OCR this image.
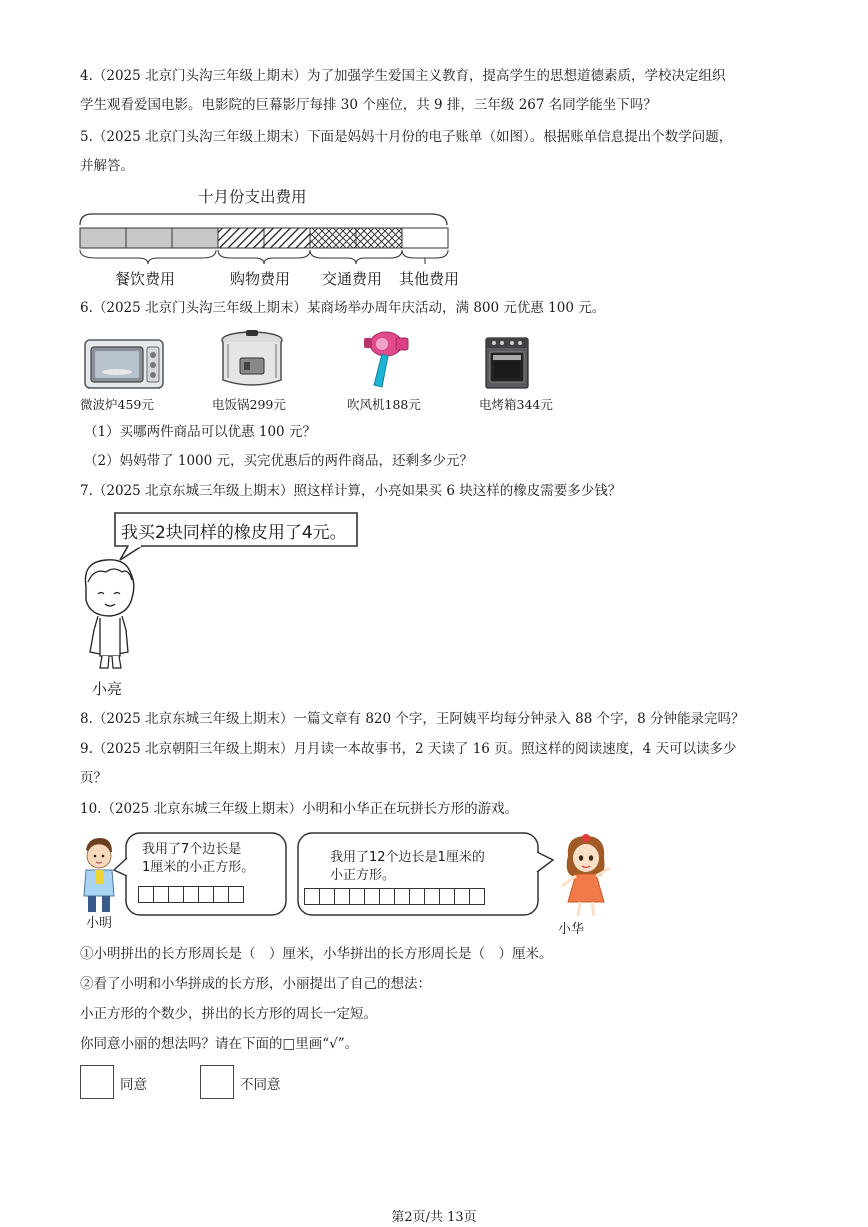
4.（2025 北京门头沟三年级上期末）为了加强学生爱国主义教育，提高学生的思想道德素质，学校决定组织
学生观看爱国电影。电影院的巨幕影厅每排 30 个座位，共 9 排，三年级 267 名同学能坐下吗？
5.（2025 北京门头沟三年级上期末）下面是妈妈十月份的电子账单（如图）。根据账单信息提出个数学问题，
并解答。
十月份支出费用
餐饮费用	购物费用 交通费用 其他费用
6.（2025 北京门头沟三年级上期末）某商场举办周年庆活动，满 800 元优惠 100 元。
微波炉459元	电饭锅299元	吹风机188元	电烤箱344元
（1）买哪两件商品可以优惠 100 元？
（2）妈妈带了 1000 元，买完优惠后的两件商品，还剩多少元？
7.（2025 北京东城三年级上期末）照这样计算，小亮如果买 6 块这样的橡皮需要多少钱？
我买2块同样的橡皮用了4元。
小亮
8.（2025 北京东城三年级上期末）一篇文章有 820 个字，王阿姨平均每分钟录入 88 个字，8 分钟能录完吗？
9.（2025 北京朝阳三年级上期末）月月读一本故事书，2 天读了 16 页。照这样的阅读速度，4 天可以读多少
页？
10.（2025 北京东城三年级上期末）小明和小华正在玩拼长方形的游戏。
小明
我用了7个边长是
1厘米的小正方形。
我用了12个边长是1厘米的
小正方形。
小华
①小明拼出的长方形周长是（　）厘米，小华拼出的长方形周长是（　）厘米。
②看了小明和小华拼成的长方形，小丽提出了自己的想法：
小正方形的个数少，拼出的长方形的周长一定短。
你同意小丽的想法吗？请在下面的□里画“√”。
同意	不同意
第2页/共 13页
